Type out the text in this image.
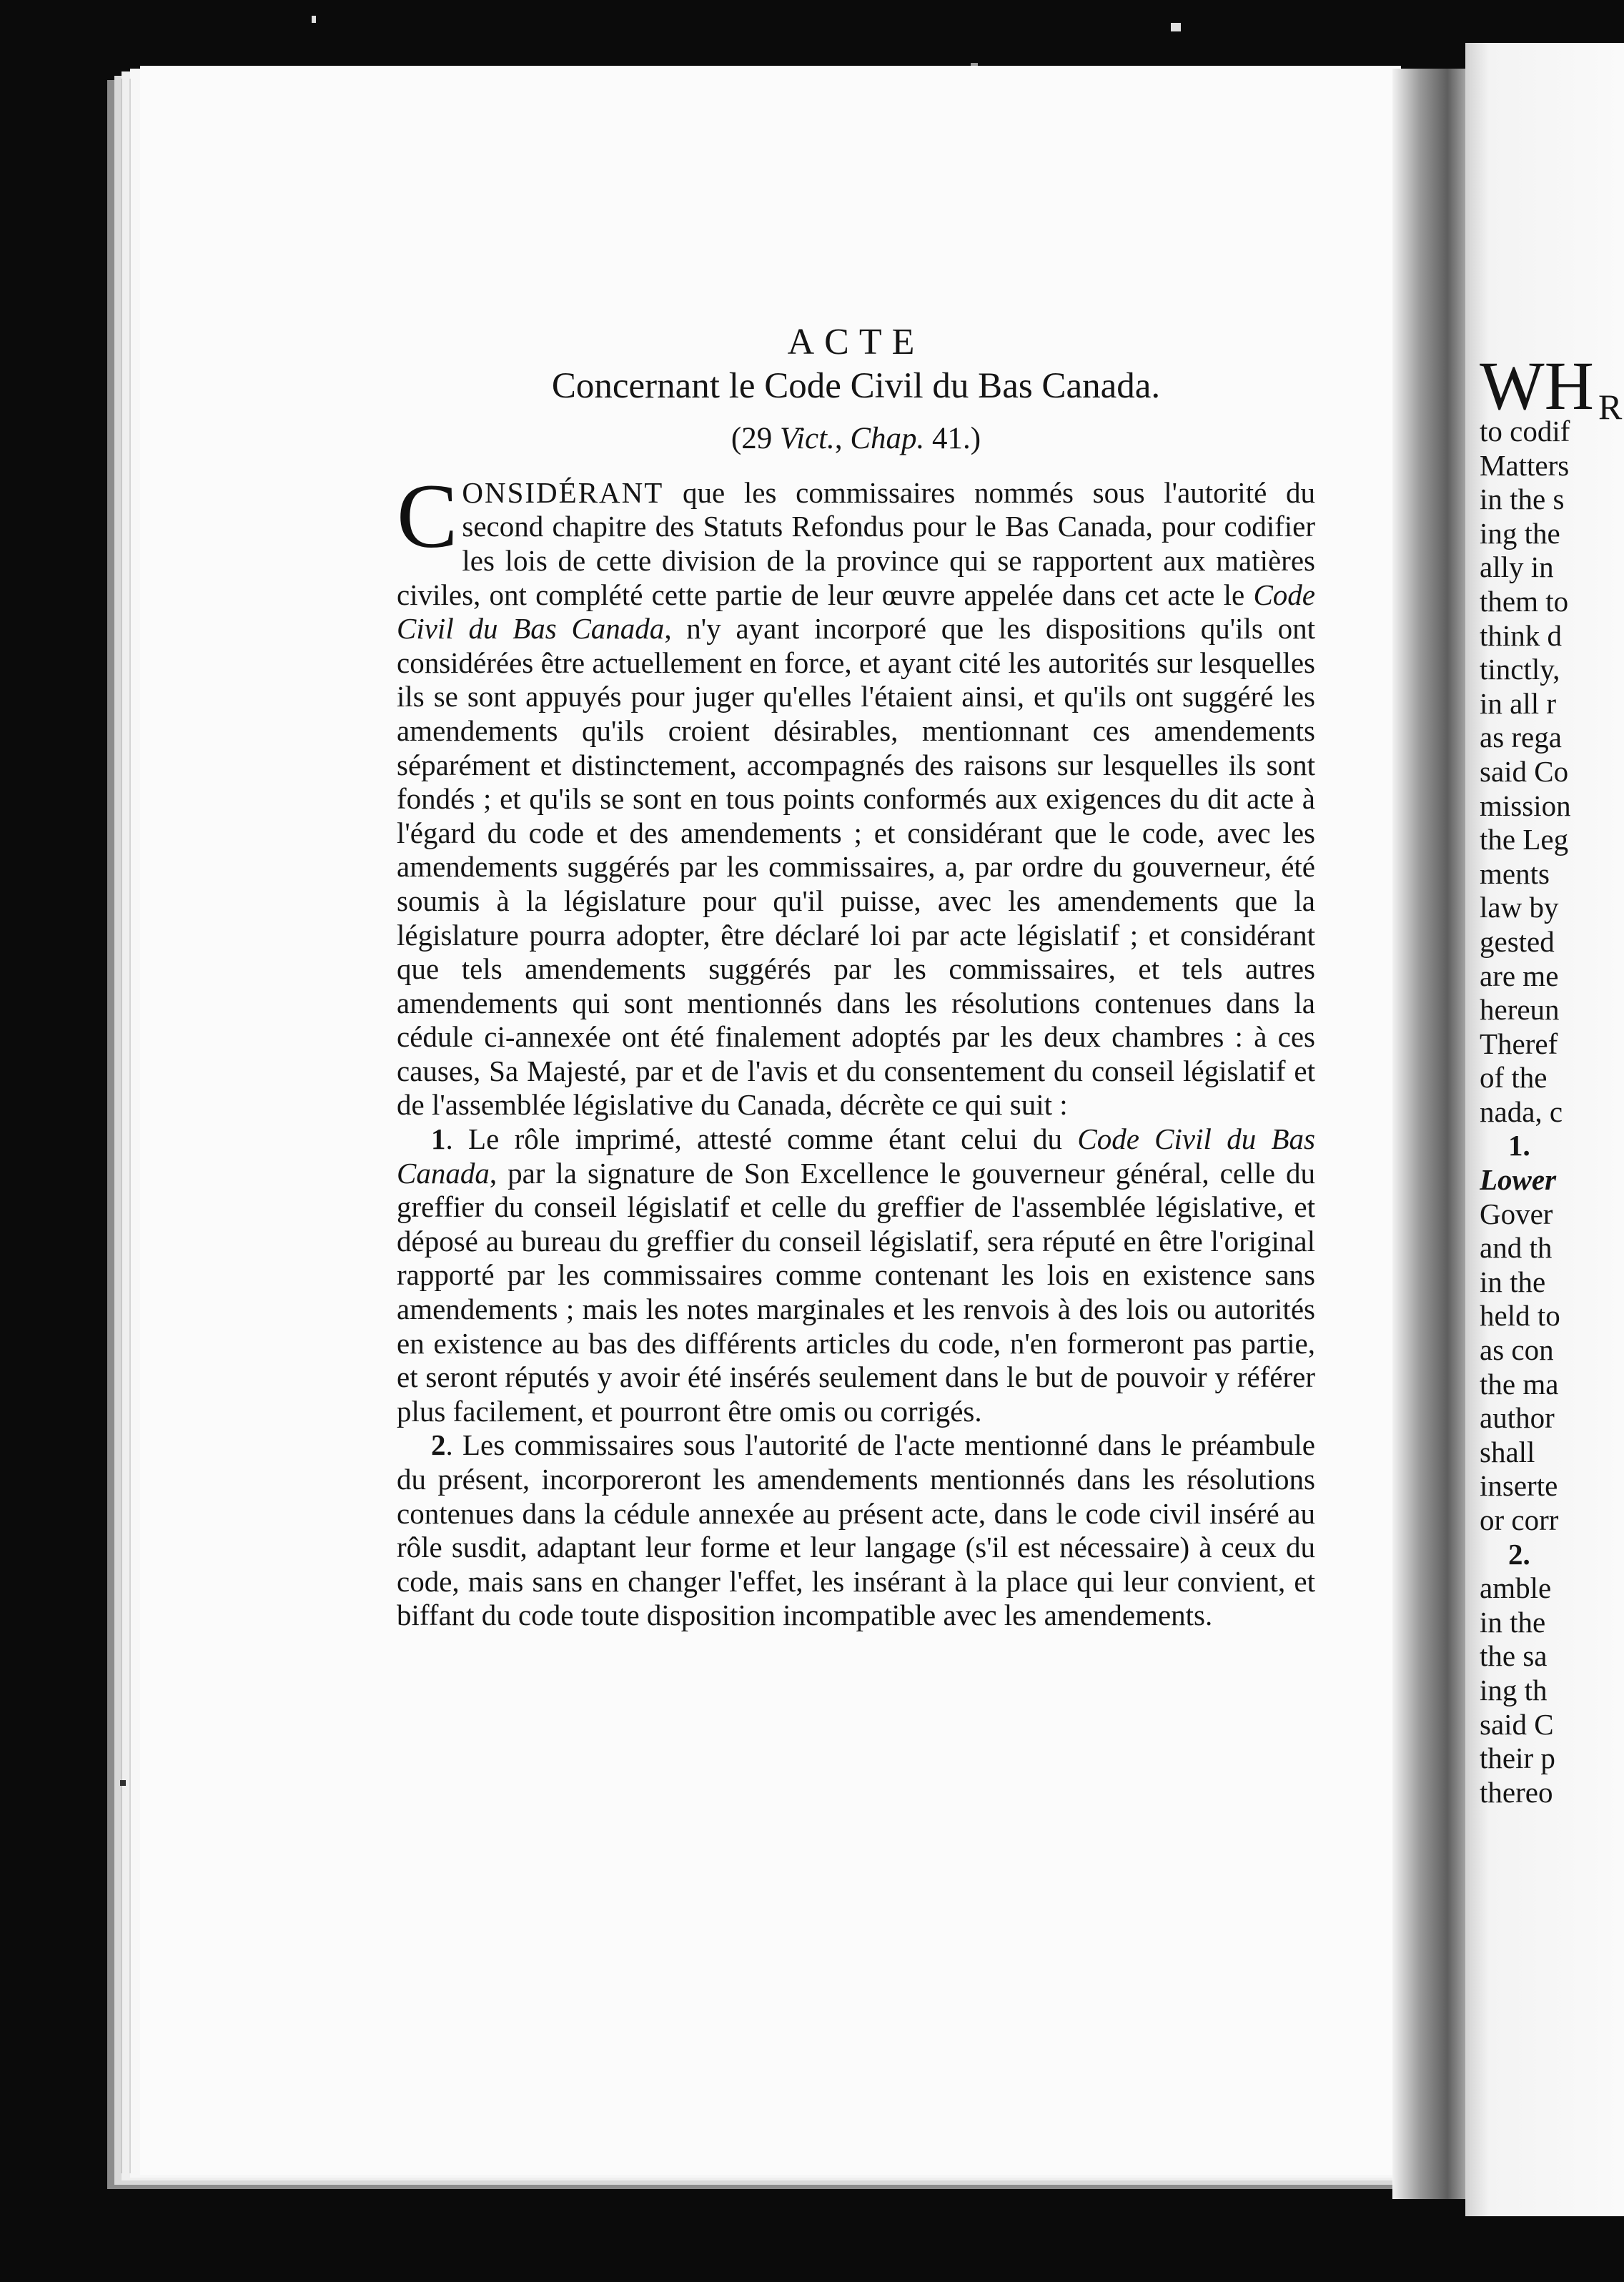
ACTE
Concernant le Code Civil du Bas Canada.
(29 Vict., Chap. 41.)

CONSIDÉRANT que les commissaires nommés sous l'autorité du second chapitre des Statuts Refondus pour le Bas Canada, pour codifier les lois de cette division de la province qui se rapportent aux matières civiles, ont complété cette partie de leur œuvre appelée dans cet acte le Code Civil du Bas Canada, n'y ayant incorporé que les dispositions qu'ils ont considérées être actuellement en force, et ayant cité les autorités sur lesquelles ils se sont appuyés pour juger qu'elles l'étaient ainsi, et qu'ils ont suggéré les amendements qu'ils croient désirables, mentionnant ces amendements séparément et distinctement, accompagnés des raisons sur lesquelles ils sont fondés ; et qu'ils se sont en tous points conformés aux exigences du dit acte à l'égard du code et des amendements ; et considérant que le code, avec les amendements suggérés par les commissaires, a, par ordre du gouverneur, été soumis à la législature pour qu'il puisse, avec les amendements que la législature pourra adopter, être déclaré loi par acte législatif ; et considérant que tels amendements suggérés par les commissaires, et tels autres amendements qui sont mentionnés dans les résolutions contenues dans la cédule ci-annexée ont été finalement adoptés par les deux chambres : à ces causes, Sa Majesté, par et de l'avis et du consentement du conseil législatif et de l'assemblée législative du Canada, décrète ce qui suit :

1. Le rôle imprimé, attesté comme étant celui du Code Civil du Bas Canada, par la signature de Son Excellence le gouverneur général, celle du greffier du conseil législatif et celle du greffier de l'assemblée législative, et déposé au bureau du greffier du conseil législatif, sera réputé en être l'original rapporté par les commissaires comme contenant les lois en existence sans amendements ; mais les notes marginales et les renvois à des lois ou autorités en existence au bas des différents articles du code, n'en formeront pas partie, et seront réputés y avoir été insérés seulement dans le but de pouvoir y référer plus facilement, et pourront être omis ou corrigés.

2. Les commissaires sous l'autorité de l'acte mentionné dans le préambule du présent, incorporeront les amendements mentionnés dans les résolutions contenues dans la cédule annexée au présent acte, dans le code civil inséré au rôle susdit, adaptant leur forme et leur langage (s'il est nécessaire) à ceux du code, mais sans en changer l'effet, les insérant à la place qui leur convient, et biffant du code toute disposition incompatible avec les amendements.

R
WH
to codif
Matters
in the s
ing the
ally in
them to
think d
tinctly,
in all r
as rega
said Co
mission
the Leg
ments
law by
gested
are me
hereun
Theref
of the
nada, c
1.
Lower
Gover
and th
in the
held to
as con
the ma
author
shall
inserte
or corr
2.
amble
in the
the sa
ing th
said C
their p
thereo
